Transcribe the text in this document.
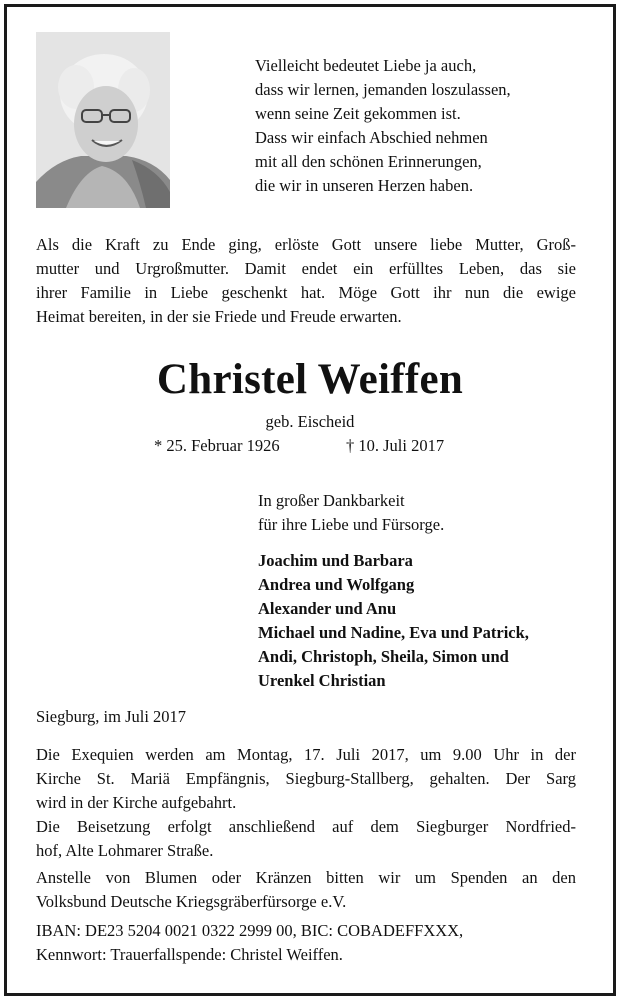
Vielleicht bedeutet Liebe ja auch,
dass wir lernen, jemanden loszulassen,
wenn seine Zeit gekommen ist.
Dass wir einfach Abschied nehmen
mit all den schönen Erinnerungen,
die wir in unseren Herzen haben.
Als die Kraft zu Ende ging, erlöste Gott unsere liebe Mutter, Groß-
mutter und Urgroßmutter. Damit endet ein erfülltes Leben, das sie
ihrer Familie in Liebe geschenkt hat. Möge Gott ihr nun die ewige
Heimat bereiten, in der sie Friede und Freude erwarten.
Christel Weiffen
geb. Eischeid
* 25. Februar 1926	† 10. Juli 2017
In großer Dankbarkeit
für ihre Liebe und Fürsorge.
Joachim und Barbara
Andrea und Wolfgang
Alexander und Anu
Michael und Nadine, Eva und Patrick,
Andi, Christoph, Sheila, Simon und
Urenkel Christian
Siegburg, im Juli 2017
Die Exequien werden am Montag, 17. Juli 2017, um 9.00 Uhr in der
Kirche St. Mariä Empfängnis, Siegburg-Stallberg, gehalten. Der Sarg
wird in der Kirche aufgebahrt.
Die Beisetzung erfolgt anschließend auf dem Siegburger Nordfried-
hof, Alte Lohmarer Straße.
Anstelle von Blumen oder Kränzen bitten wir um Spenden an den
Volksbund Deutsche Kriegsgräberfürsorge e.V.
IBAN: DE23 5204 0021 0322 2999 00, BIC: COBADEFFXXX,
Kennwort: Trauerfallspende: Christel Weiffen.
